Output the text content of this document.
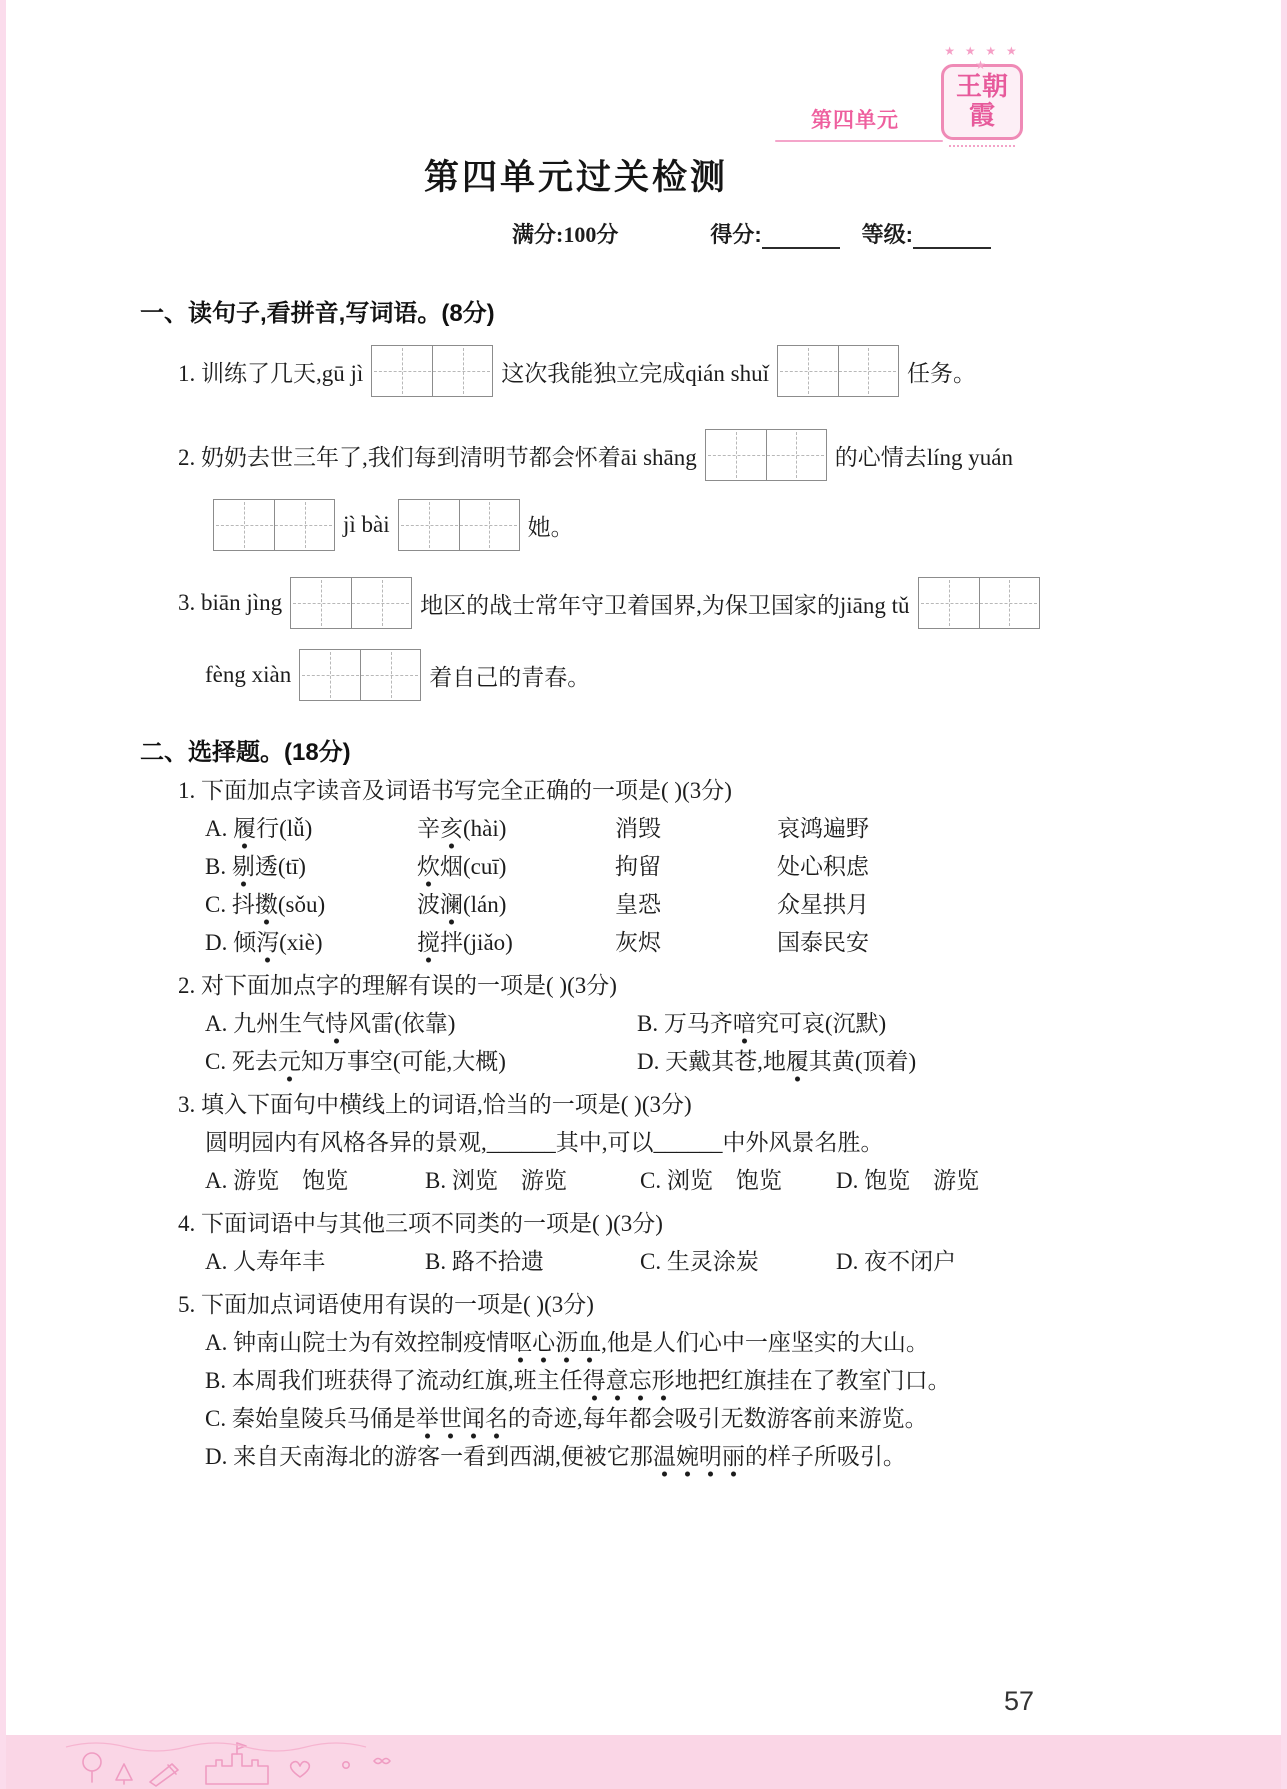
第四单元
★ ★ ★ ★ ★
王朝霞
第四单元过关检测
满分:100分	得分:	等级:
一、读句子,看拼音,写词语。(8分)
1. 训练了几天,gū jì	这次我能独立完成qián shuǐ	任务。
2. 奶奶去世三年了,我们每到清明节都会怀着āi shāng	的心情去líng yuán
jì bài	她。
3. biān jìng	地区的战士常年守卫着国界,为保卫国家的jiāng tǔ
fèng xiàn	着自己的青春。
二、选择题。(18分)
1. 下面加点字读音及词语书写完全正确的一项是( )(3分)
A. 履行(lǚ)	辛亥(hài)	消毁	哀鸿遍野
B. 剔透(tī)	炊烟(cuī)	拘留	处心积虑
C. 抖擞(sǒu)	波澜(lán)	皇恐	众星拱月
D. 倾泻(xiè)	搅拌(jiǎo)	灰烬	国泰民安
2. 对下面加点字的理解有误的一项是( )(3分)
A. 九州生气恃风雷(依靠)	B. 万马齐喑究可哀(沉默)
C. 死去元知万事空(可能,大概)	D. 天戴其苍,地履其黄(顶着)
3. 填入下面句中横线上的词语,恰当的一项是( )(3分)
圆明园内有风格各异的景观,______其中,可以______中外风景名胜。
A. 游览　饱览	B. 浏览　游览	C. 浏览　饱览	D. 饱览　游览
4. 下面词语中与其他三项不同类的一项是( )(3分)
A. 人寿年丰	B. 路不拾遗	C. 生灵涂炭	D. 夜不闭户
5. 下面加点词语使用有误的一项是( )(3分)
A. 钟南山院士为有效控制疫情呕心沥血,他是人们心中一座坚实的大山。
B. 本周我们班获得了流动红旗,班主任得意忘形地把红旗挂在了教室门口。
C. 秦始皇陵兵马俑是举世闻名的奇迹,每年都会吸引无数游客前来游览。
D. 来自天南海北的游客一看到西湖,便被它那温婉明丽的样子所吸引。
57
